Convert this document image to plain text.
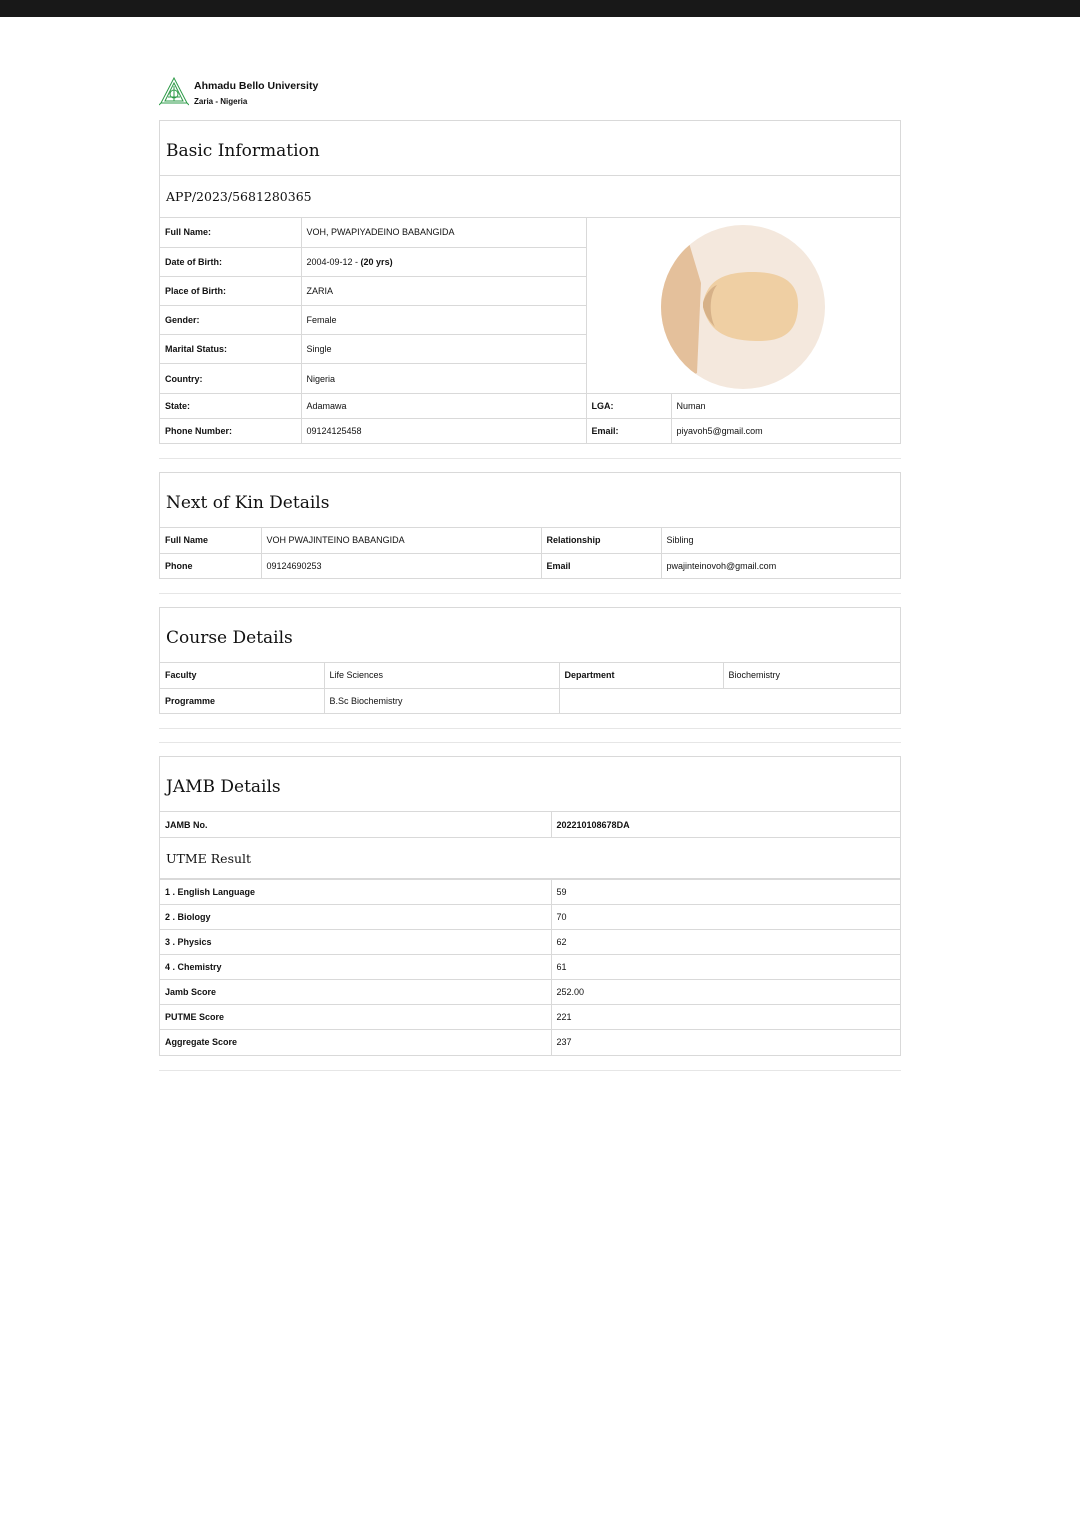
Ahmadu Bello University
Zaria - Nigeria
Basic Information
APP/2023/5681280365
Full Name:	VOH, PWAPIYADEINO BABANGIDA	

Date of Birth:	2004-09-12 - (20 yrs)		
Place of Birth:	ZARIA		
Gender:	Female		
Marital Status:	Single		
Country:	Nigeria		
State:	Adamawa	LGA:	Numan
Phone Number:	09124125458	Email:	piyavoh5@gmail.com
Next of Kin Details
Full Name	VOH PWAJINTEINO BABANGIDA	Relationship	Sibling
Phone	09124690253	Email	pwajinteinovoh@gmail.com
Course Details
Faculty	Life Sciences	Department	Biochemistry
Programme	B.Sc Biochemistry		
JAMB Details
JAMB No.	202210108678DA
UTME Result
1 . English Language	59
2 . Biology	70
3 . Physics	62
4 . Chemistry	61
Jamb Score	252.00
PUTME Score	221
Aggregate Score	237
